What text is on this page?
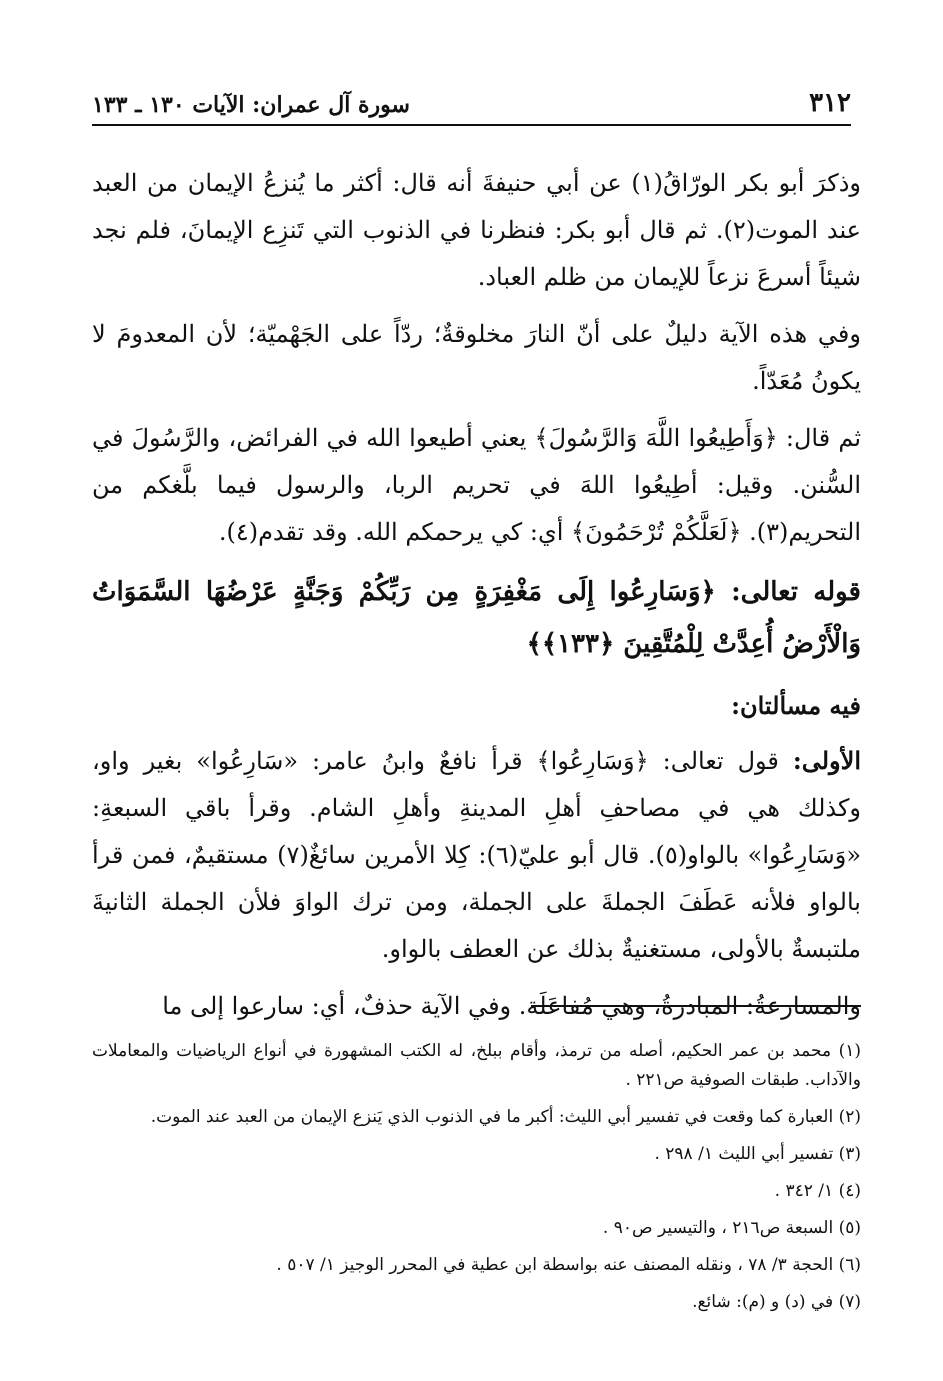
٣١٢
سورة آل عمران: الآيات ١٣٠ ـ ١٣٣

وذكرَ أبو بكر الورّاقُ(١) عن أبي حنيفةَ أنه قال: أكثر ما يُنزعُ الإيمان من العبد عند الموت(٢). ثم قال أبو بكر: فنظرنا في الذنوب التي تَنزِع الإيمانَ، فلم نجد شيئاً أسرعَ نزعاً للإيمان من ظلم العباد.

وفي هذه الآية دليلٌ على أنّ النارَ مخلوقةٌ؛ ردّاً على الجَهْميّة؛ لأن المعدومَ لا يكونُ مُعَدّاً.

ثم قال: ﴿وَأَطِيعُوا اللَّهَ وَالرَّسُولَ﴾ يعني أطيعوا الله في الفرائض، والرَّسُولَ في السُّنن. وقيل: أطِيعُوا اللهَ في تحريم الربا، والرسول فيما بلَّغكم من التحريم(٣). ﴿لَعَلَّكُمْ تُرْحَمُونَ﴾ أي: كي يرحمكم الله. وقد تقدم(٤).

قوله تعالى: ﴿وَسَارِعُوا إِلَى مَغْفِرَةٍ مِن رَبِّكُمْ وَجَنَّةٍ عَرْضُهَا السَّمَوَاتُ وَالْأَرْضُ أُعِدَّتْ لِلْمُتَّقِينَ ﴿١٣٣﴾﴾
فيه مسألتان:

الأولى: قول تعالى: ﴿وَسَارِعُوا﴾ قرأ نافعٌ وابنُ عامر: «سَارِعُوا» بغير واو، وكذلك هي في مصاحفِ أهلِ المدينةِ وأهلِ الشام. وقرأ باقي السبعةِ: «وَسَارِعُوا» بالواو(٥). قال أبو عليّ(٦): كِلا الأمرين سائغٌ(٧) مستقيمٌ، فمن قرأ بالواو فلأنه عَطَفَ الجملةَ على الجملة، ومن ترك الواوَ فلأن الجملة الثانيةَ ملتبسةٌ بالأولى، مستغنيةٌ بذلك عن العطف بالواو.

والمسارعةُ: المبادرةُ، وهي مُفاعَلَة. وفي الآية حذفٌ، أي: سارعوا إلى ما

(١) محمد بن عمر الحكيم، أصله من ترمذ، وأقام ببلخ، له الكتب المشهورة في أنواع الرياضيات والمعاملات والآداب. طبقات الصوفية ص٢٢١ .
(٢) العبارة كما وقعت في تفسير أبي الليث: أكبر ما في الذنوب الذي يَنزع الإيمان من العبد عند الموت.
(٣) تفسير أبي الليث ١/ ٢٩٨ .
(٤) ١/ ٣٤٢ .
(٥) السبعة ص٢١٦ ، والتيسير ص٩٠ .
(٦) الحجة ٣/ ٧٨ ، ونقله المصنف عنه بواسطة ابن عطية في المحرر الوجيز ١/ ٥٠٧ .
(٧) في (د) و (م): شائع.
